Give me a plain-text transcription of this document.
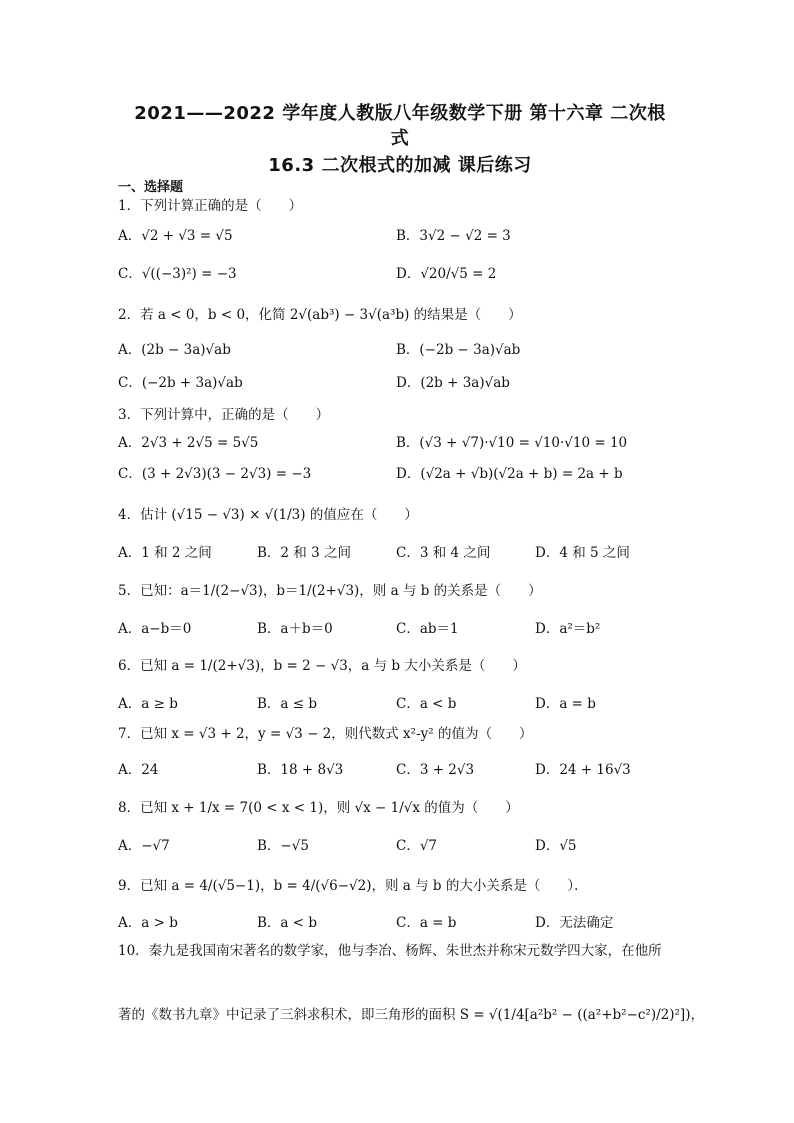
2021——2022 学年度人教版八年级数学下册 第十六章 二次根
式
16.3 二次根式的加减 课后练习
一、选择题
1．下列计算正确的是（　　）
A．√2 + √3 = √5	B．3√2 − √2 = 3
C．√((−3)²) = −3	D．√20/√5 = 2
2．若 a < 0，b < 0，化简 2√(ab³) − 3√(a³b) 的结果是（　　）
A．(2b − 3a)√ab	B．(−2b − 3a)√ab
C．(−2b + 3a)√ab	D．(2b + 3a)√ab
3．下列计算中，正确的是（　　）
A．2√3 + 2√5 = 5√5	B．(√3 + √7)·√10 = √10·√10 = 10
C．(3 + 2√3)(3 − 2√3) = −3	D．(√2a + √b)(√2a + b) = 2a + b
4．估计 (√15 − √3) × √(1/3) 的值应在（　　）
A．1 和 2 之间	B．2 和 3 之间	C．3 和 4 之间	D．4 和 5 之间
5．已知：a＝1/(2−√3)，b＝1/(2+√3)，则 a 与 b 的关系是（　　）
A．a−b＝0	B．a＋b＝0	C．ab＝1	D．a²＝b²
6．已知 a = 1/(2+√3)，b = 2 − √3，a 与 b 大小关系是（　　）
A．a ≥ b	B．a ≤ b	C．a < b	D．a = b
7．已知 x = √3 + 2，y = √3 − 2，则代数式 x²-y² 的值为（　　）
A．24	B．18 + 8√3	C．3 + 2√3	D．24 + 16√3
8．已知 x + 1/x = 7(0 < x < 1)，则 √x − 1/√x 的值为（　　）
A．−√7	B．−√5	C．√7	D．√5
9．已知 a = 4/(√5−1)，b = 4/(√6−√2)，则 a 与 b 的大小关系是（　　）．
A．a > b	B．a < b	C．a = b	D．无法确定
10．秦九是我国南宋著名的数学家，他与李冶、杨辉、朱世杰并称宋元数学四大家，在他所
著的《数书九章》中记录了三斜求积术，即三角形的面积 S = √(1/4[a²b² − ((a²+b²−c²)/2)²])，
